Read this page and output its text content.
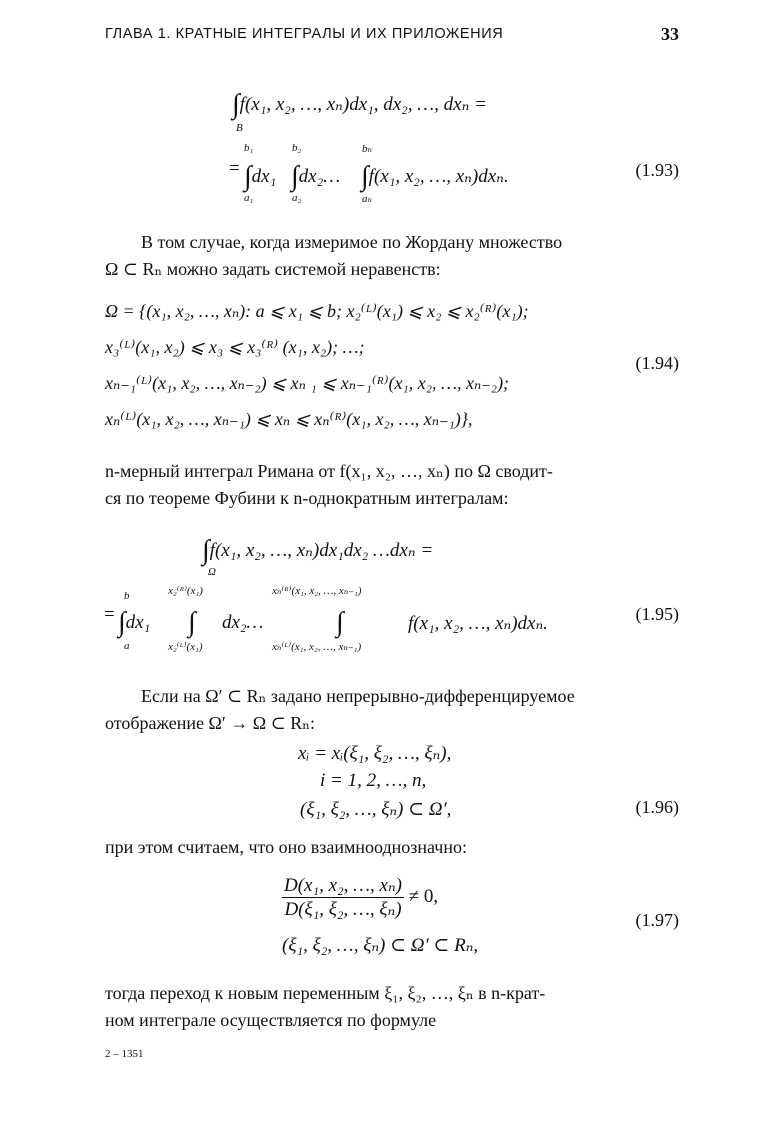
ГЛАВА 1. КРАТНЫЕ ИНТЕГРАЛЫ И ИХ ПРИЛОЖЕНИЯ	33
∫f(x₁, x₂, …, xₙ)dx₁, dx₂, …, dxₙ =
B
=
b₁
∫dx₁
a₁
b₂
∫dx₂…
a₂
bₙ
∫f(x₁, x₂, …, xₙ)dxₙ.
aₙ
(1.93)
В том случае, когда измеримое по Жордану множество
Ω ⊂ Rₙ можно задать системой неравенств:
Ω = {(x₁, x₂, …, xₙ): a ⩽ x₁ ⩽ b; x₂⁽ᴸ⁾(x₁) ⩽ x₂ ⩽ x₂⁽ᴿ⁾(x₁);
x₃⁽ᴸ⁾(x₁, x₂) ⩽ x₃ ⩽ x₃⁽ᴿ⁾ (x₁, x₂); …;
xₙ₋₁⁽ᴸ⁾(x₁, x₂, …, xₙ₋₂) ⩽ xₙ ₁ ⩽ xₙ₋₁⁽ᴿ⁾(x₁, x₂, …, xₙ₋₂);
xₙ⁽ᴸ⁾(x₁, x₂, …, xₙ₋₁) ⩽ xₙ ⩽ xₙ⁽ᴿ⁾(x₁, x₂, …, xₙ₋₁)},
(1.94)
n-мерный интеграл Римана от f(x₁, x₂, …, xₙ) по Ω сводит-
ся по теореме Фубини к n-однократным интегралам:
∫f(x₁, x₂, …, xₙ)dx₁dx₂ …dxₙ =
Ω
=
b
∫dx₁
a
x₂⁽ᴿ⁾(x₁)
∫ dx₂…
x₂⁽ᴸ⁾(x₁)
xₙ⁽ᴿ⁾(x₁, x₂, …, xₙ₋₁)
∫	f(x₁, x₂, …, xₙ)dxₙ.
xₙ⁽ᴸ⁾(x₁, x₂, …, xₙ₋₁)
(1.95)
Если на Ω′ ⊂ Rₙ задано непрерывно-дифференцируемое
отображение Ω′ → Ω ⊂ Rₙ:
xᵢ = xᵢ(ξ₁, ξ₂, …, ξₙ),
i = 1, 2, …, n,
(ξ₁, ξ₂, …, ξₙ) ⊂ Ω′,	(1.96)
при этом считаем, что оно взаимнооднозначно:
$\frac{\text{D(x₁, x₂, …, xₙ)}}{\text{D(ξ₁, ξ₂, …, ξₙ)}} \ne 0$,
(ξ₁, ξ₂, …, ξₙ) ⊂ Ω′ ⊂ Rₙ,
(1.97)
тогда переход к новым переменным ξ₁, ξ₂, …, ξₙ в n-крат-
ном интеграле осуществляется по формуле
2 – 1351
